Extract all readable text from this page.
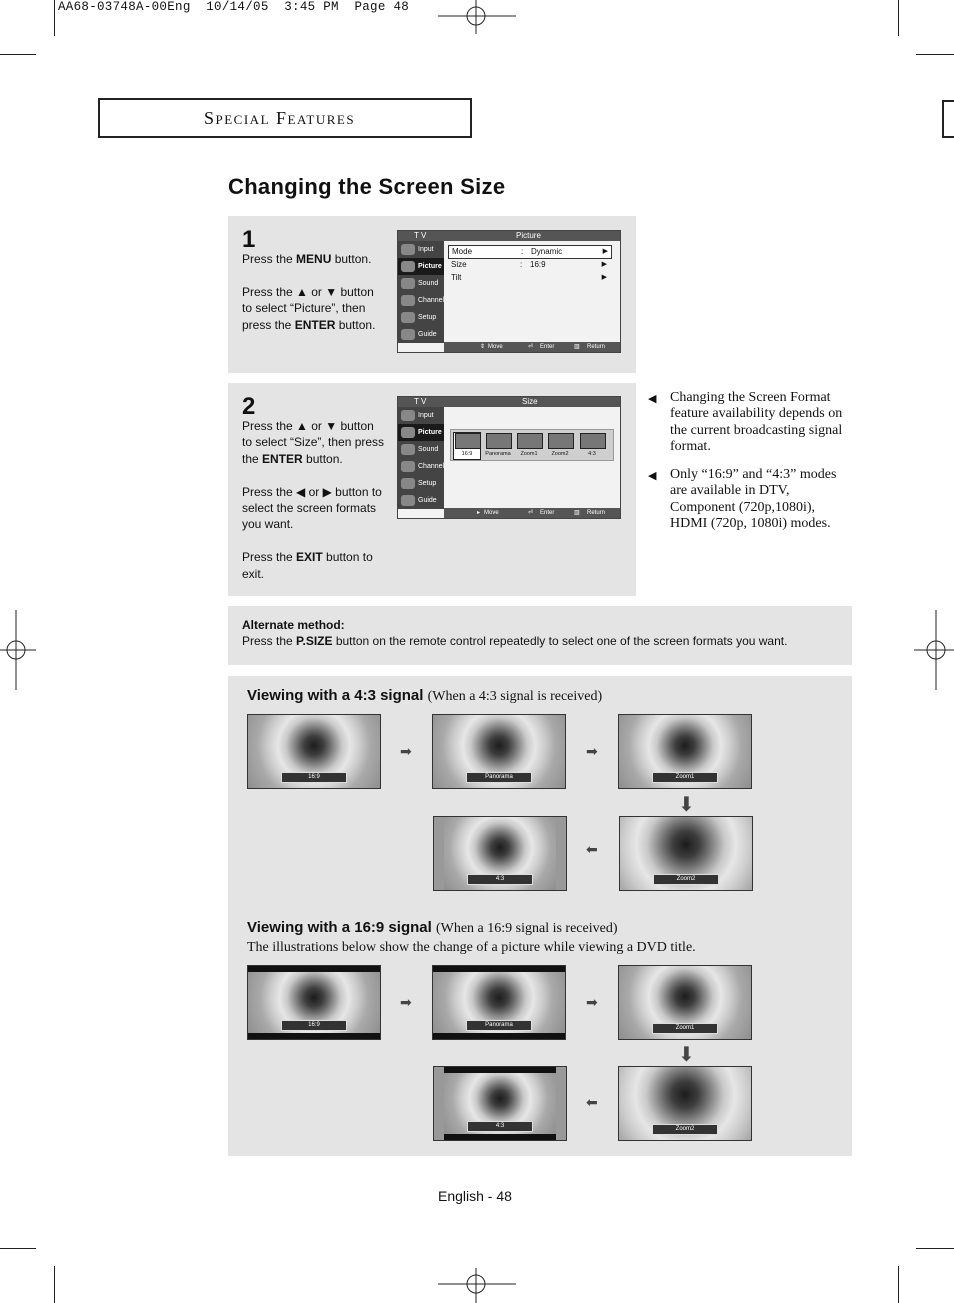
AA68-03748A-00Eng  10/14/05  3:45 PM  Page 48
Special Features
Changing the Screen Size
1

Press the MENU button.

Press the ▲ or ▼ button

to select “Picture”, then

press the ENTER button.

T V	Picture
Input
Picture
Sound
Channel
Setup
Guide
Mode	: Dynamic	▶
Size	: 16:9	▶
Tilt	▶
⇕ Move	⏎ Enter	▥ Return
2

Press the ▲ or ▼ button

to select “Size”, then press

the ENTER button.

Press the ◀ or ▶ button to

select the screen formats

you want.

Press the EXIT button to

exit.

T V	Size
Input
Picture
Sound
Channel
Setup
Guide
16:9	Panorama	Zoom1	Zoom2	4:3
▸ Move	⏎ Enter	▥ Return
◀ Changing the Screen Format feature availability depends on the current broadcasting signal format.
◀ Only “16:9” and “4:3” modes are available in DTV, Component (720p,1080i), HDMI (720p, 1080i) modes.
Alternate method:
Press the P.SIZE button on the remote control repeatedly to select one of the screen formats you want.
Viewing with a 4:3 signal (When a 4:3 signal is received)
16:9
➡
Panorama
➡
Zoom1
⬇
4:3
⬅
Zoom2
Viewing with a 16:9 signal (When a 16:9 signal is received)
The illustrations below show the change of a picture while viewing a DVD title.
16:9
➡
Panorama
➡
Zoom1
⬇
4:3
⬅
Zoom2
English - 48
